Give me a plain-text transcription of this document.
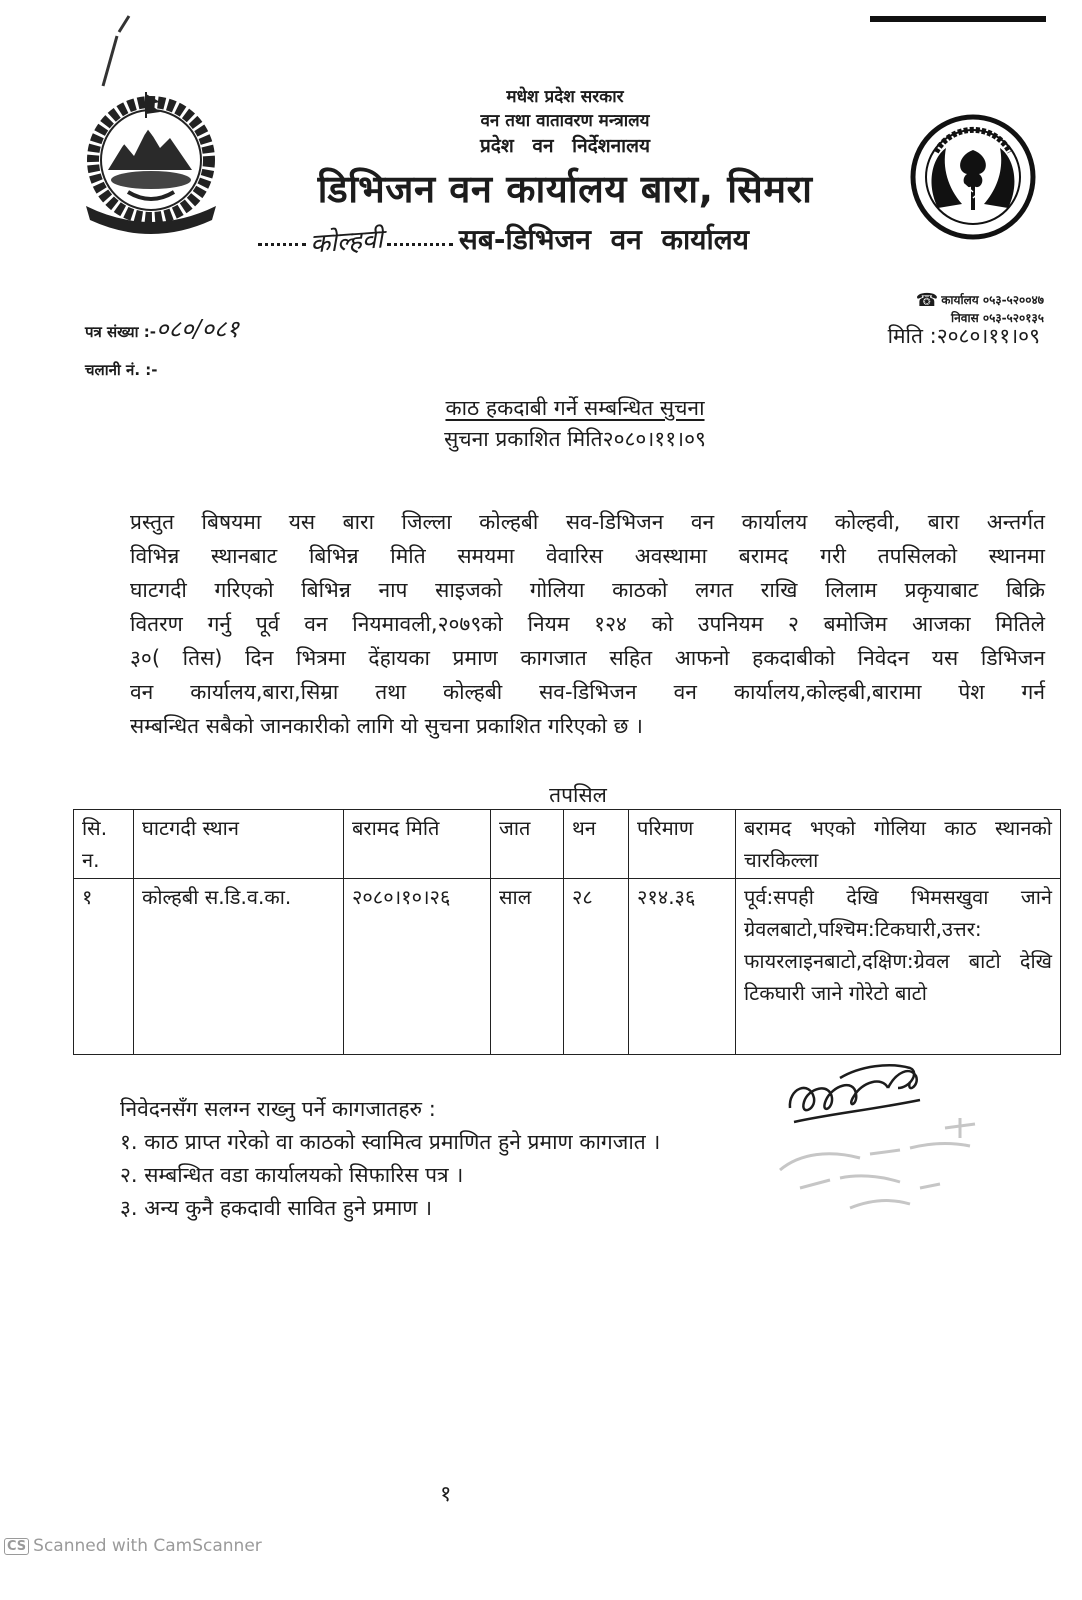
मधेश प्रदेश सरकार
वन तथा वातावरण मन्त्रालय
प्रदेश वन निर्देशनालय
डिभिजन वन कार्यालय बारा, सिमरा
कोल्हवी	सब-डिभिजन वन कार्यालय
☎ कार्यालय ०५३-५२००४७
निवास ०५३-५२०१३५
मिति :२०८०।११।०९
पत्र संख्या :-०८०/०८१
चलानी नं. :-
काठ हकदाबी गर्ने सम्बन्धित सुचना
सुचना प्रकाशित मिति२०८०।११।०९
प्रस्तुत बिषयमा यस बारा जिल्ला कोल्हबी सव-डिभिजन वन कार्यालय कोल्हवी, बारा अन्तर्गत
विभिन्न स्थानबाट बिभिन्न मिति समयमा वेवारिस अवस्थामा बरामद गरी तपसिलको स्थानमा
घाटगदी गरिएको बिभिन्न नाप साइजको गोलिया काठको लगत राखि लिलाम प्रकृयाबाट बिक्रि
वितरण गर्नु पूर्व वन नियमावली,२०७९को नियम १२४ को उपनियम २ बमोजिम आजका मितिले
३०( तिस) दिन भित्रमा देंहायका प्रमाण कागजात सहित आफनो हकदाबीको निवेदन यस डिभिजन
वन कार्यालय,बारा,सिम्रा तथा कोल्हबी सव-डिभिजन वन कार्यालय,कोल्हबी,बारामा पेश गर्न
सम्बन्धित सबैको जानकारीको लागि यो सुचना प्रकाशित गरिएको छ ।
तपसिल
सि. न.	घाटगदी स्थान	बरामद मिति	जात	थन	परिमाण	बरामद भएको गोलिया काठ स्थानको चारकिल्ला
१	कोल्हबी स.डि.व.का.	२०८०।१०।२६	साल	२८	२१४.३६	पूर्व:सपही देखि भिमसखुवा जाने ग्रेवलबाटो,पश्चिम:टिकघारी,उत्तर: फायरलाइनबाटो,दक्षिण:ग्रेवल बाटो देखि टिकघारी जाने गोरेटो बाटो
निवेदनसँग सलग्न राख्नु पर्ने कागजातहरु :
१. काठ प्राप्त गरेको वा काठको स्वामित्व प्रमाणित हुने प्रमाण कागजात ।
२. सम्बन्धित वडा कार्यालयको सिफारिस पत्र ।
३. अन्य कुनै हकदावी सावित हुने प्रमाण ।
१
CS Scanned with CamScanner
